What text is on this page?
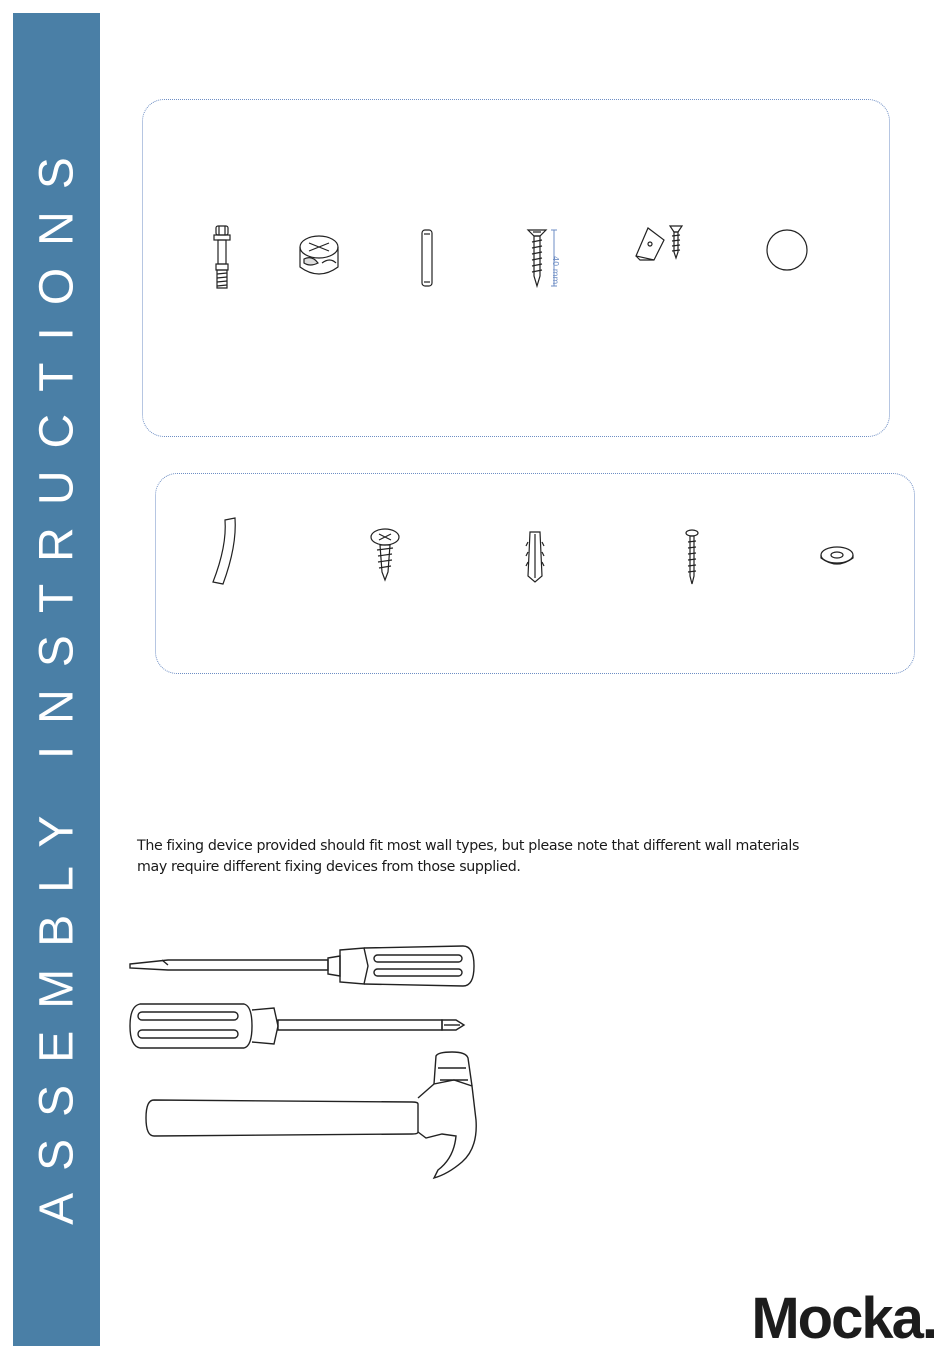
ASSEMBLY INSTRUCTIONS	40 mm
The fixing device provided should fit most wall types, but please note that different wall materials
may require different fixing devices from those supplied.
Mocka.
